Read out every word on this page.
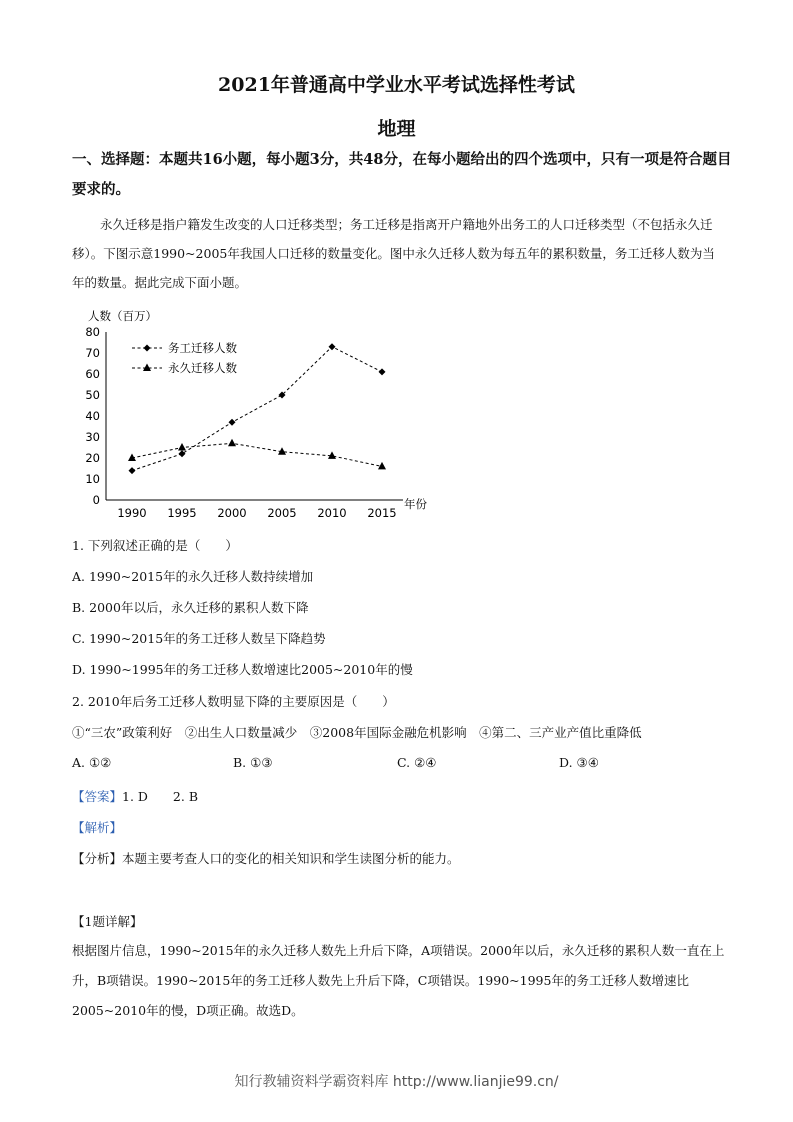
2021年普通高中学业水平考试选择性考试
地理
一、选择题：本题共16小题，每小题3分，共48分，在每小题给出的四个选项中，只有一项是符合题目要求的。
永久迁移是指户籍发生改变的人口迁移类型；务工迁移是指离开户籍地外出务工的人口迁移类型（不包括永久迁移）。下图示意1990~2005年我国人口迁移的数量变化。图中永久迁移人数为每五年的累积数量，务工迁移人数为当年的数量。据此完成下面小题。
人数（百万）
0
10
20
30
40
50
60
70
80
1990 1995 2000 2005 2010 2015
年份
务工迁移人数
永久迁移人数
1. 下列叙述正确的是（　　）
A. 1990~2015年的永久迁移人数持续增加
B. 2000年以后，永久迁移的累积人数下降
C. 1990~2015年的务工迁移人数呈下降趋势
D. 1990~1995年的务工迁移人数增速比2005~2010年的慢
2. 2010年后务工迁移人数明显下降的主要原因是（　　）
①“三农”政策利好　②出生人口数量减少　③2008年国际金融危机影响　④第二、三产业产值比重降低
A. ①②	B. ①③	C. ②④	D. ③④
【答案】1. D　　2. B
【解析】
【分析】本题主要考查人口的变化的相关知识和学生读图分析的能力。
【1题详解】
根据图片信息，1990~2015年的永久迁移人数先上升后下降，A项错误。2000年以后，永久迁移的累积人数一直在上升，B项错误。1990~2015年的务工迁移人数先上升后下降，C项错误。1990~1995年的务工迁移人数增速比2005~2010年的慢，D项正确。故选D。
知行教辅资料学霸资料库 http://www.lianjie99.cn/
